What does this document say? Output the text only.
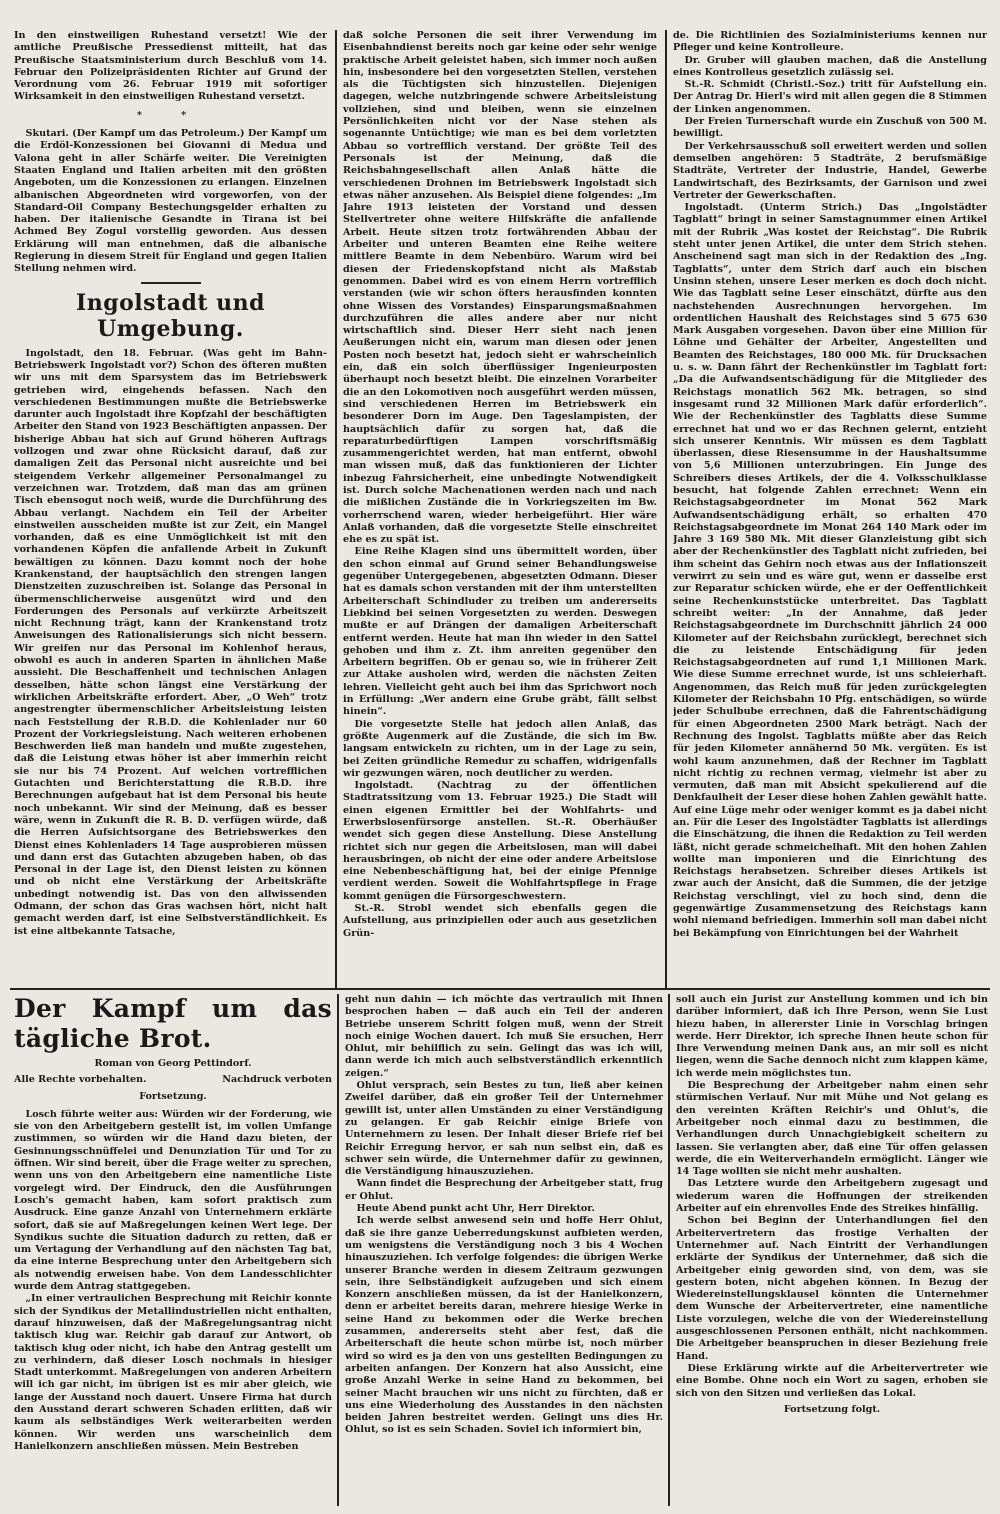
In den einstweiligen Ruhestand versetzt! Wie der amtliche Preußische Pressedienst mitteilt, hat das Preußische Staatsministerium durch Beschluß vom 14. Februar den Polizeipräsidenten Richter auf Grund der Verordnung vom 26. Februar 1919 mit sofortiger Wirksamkeit in den einstweiligen Ruhestand versetzt.

* *

Skutari. (Der Kampf um das Petroleum.) Der Kampf um die Erdöl-Konzessionen bei Giovanni di Medua und Valona geht in aller Schärfe weiter. Die Vereinigten Staaten England und Italien arbeiten mit den größten Angeboten, um die Konzessionen zu erlangen. Einzelnen albanischen Abgeordneten wird vorgeworfen, von der Standard-Oil Company Bestechungsgelder erhalten zu haben. Der italienische Gesandte in Tirana ist bei Achmed Bey Zogul vorstellig geworden. Aus dessen Erklärung will man entnehmen, daß die albanische Regierung in diesem Streit für England und gegen Italien Stellung nehmen wird.

Ingolstadt und Umgebung.

Ingolstadt, den 18. Februar. (Was geht im Bahn-Betriebswerk Ingolstadt vor?) Schon des öfteren mußten wir uns mit dem Sparsystem das im Betriebswerk getrieben wird, eingehends befassen. Nach den verschiedenen Bestimmungen mußte die Betriebswerke darunter auch Ingolstadt ihre Kopfzahl der beschäftigten Arbeiter den Stand von 1923 Beschäftigten anpassen. Der bisherige Abbau hat sich auf Grund höheren Auftrags vollzogen und zwar ohne Rücksicht darauf, daß zur damaligen Zeit das Personal nicht ausreichte und bei steigendem Verkehr allgemeiner Personalmangel zu verzeichnen war. Trotzdem, daß man das am grünen Tisch ebensogut noch weiß, wurde die Durchführung des Abbau verlangt. Nachdem ein Teil der Arbeiter einstweilen ausscheiden mußte ist zur Zeit, ein Mangel vorhanden, daß es eine Unmöglichkeit ist mit den vorhandenen Köpfen die anfallende Arbeit in Zukunft bewältigen zu können. Dazu kommt noch der hohe Krankenstand, der hauptsächlich den strengen langen Dienstzeiten zuzuschreiben ist. Solange das Personal in übermenschlicherweise ausgenützt wird und den Forderungen des Personals auf verkürzte Arbeitszeit nicht Rechnung trägt, kann der Krankenstand trotz Anweisungen des Rationalisierungs sich nicht bessern. Wir greifen nur das Personal im Kohlenhof heraus, obwohl es auch in anderen Sparten in ähnlichen Maße aussieht. Die Beschaffenheit und technischen Anlagen desselben, hätte schon längst eine Verstärkung der wirklichen Arbeitskräfte erfordert. Aber, „O Weh“ trotz angestrengter übermenschlicher Arbeitsleistung leisten nach Feststellung der R.B.D. die Kohlenlader nur 60 Prozent der Vorkriegsleistung. Nach weiteren erhobenen Beschwerden ließ man handeln und mußte zugestehen, daß die Leistung etwas höher ist aber immerhin reicht sie nur bis 74 Prozent. Auf welchen vortrefflichen Gutachten und Berichterstattung die R.B.D. ihre Berechnungen aufgebaut hat ist dem Personal bis heute noch unbekannt. Wir sind der Meinung, daß es besser wäre, wenn in Zukunft die R. B. D. verfügen würde, daß die Herren Aufsichtsorgane des Betriebswerkes den Dienst eines Kohlenladers 14 Tage ausprobieren müssen und dann erst das Gutachten abzugeben haben, ob das Personal in der Lage ist, den Dienst leisten zu können und ob nicht eine Verstärkung der Arbeitskräfte unbedingt notwendig ist. Das von den allwissenden Odmann, der schon das Gras wachsen hört, nicht halt gemacht werden darf, ist eine Selbstverständlichkeit. Es ist eine altbekannte Tatsache,

daß solche Personen die seit ihrer Verwendung im Eisenbahndienst bereits noch gar keine oder sehr wenige praktische Arbeit geleistet haben, sich immer noch außen hin, insbesondere bei den vorgesetzten Stellen, verstehen als die Tüchtigsten sich hinzustellen. Diejenigen dagegen, welche nutzbringende schwere Arbeitsleistung vollziehen, sind und bleiben, wenn sie einzelnen Persönlichkeiten nicht vor der Nase stehen als sogenannte Untüchtige; wie man es bei dem vorletzten Abbau so vortrefflich verstand. Der größte Teil des Personals ist der Meinung, daß die Reichsbahngesellschaft allen Anlaß hätte die verschiedenen Drohnen im Betriebswerk Ingolstadt sich etwas näher anzusehen. Als Beispiel diene folgendes: „Im Jahre 1913 leisteten der Vorstand und dessen Stellvertreter ohne weitere Hilfskräfte die anfallende Arbeit. Heute sitzen trotz fortwährenden Abbau der Arbeiter und unteren Beamten eine Reihe weitere mittlere Beamte in dem Nebenbüro. Warum wird bei diesen der Friedenskopfstand nicht als Maßstab genommen. Dabei wird es von einem Herrn vortrefflich verstanden (wie wir schon öfters herausfinden konnten ohne Wissen des Vorstandes) Einsparungsmaßnahmen durchzuführen die alles andere aber nur nicht wirtschaftlich sind. Dieser Herr sieht nach jenen Aeußerungen nicht ein, warum man diesen oder jenen Posten noch besetzt hat, jedoch sieht er wahrscheinlich ein, daß ein solch überflüssiger Ingenieurposten überhaupt noch besetzt bleibt. Die einzelnen Vorarbeiter die an den Lokomotiven noch ausgeführt werden müssen, sind verschiedenen Herren im Betriebswerk ein besonderer Dorn im Auge. Den Tageslampisten, der hauptsächlich dafür zu sorgen hat, daß die reparaturbedürftigen Lampen vorschriftsmäßig zusammengerichtet werden, hat man entfernt, obwohl man wissen muß, daß das funktionieren der Lichter inbezug Fahrsicherheit, eine unbedingte Notwendigkeit ist. Durch solche Machenationen werden nach und nach die mißlichen Zustände die in Vorkriegszeiten im Bw. vorherrschend waren, wieder herbeigeführt. Hier wäre Anlaß vorhanden, daß die vorgesetzte Stelle einschreitet ehe es zu spät ist.

Eine Reihe Klagen sind uns übermittelt worden, über den schon einmal auf Grund seiner Behandlungsweise gegenüber Untergegebenen, abgesetzten Odmann. Dieser hat es damals schon verstanden mit der ihm unterstellten Arbeiterschaft Schindluder zu treiben um andererseits Liebkind bei seinen Vorgesetzten zu werden. Deswegen mußte er auf Drängen der damaligen Arbeiterschaft entfernt werden. Heute hat man ihn wieder in den Sattel gehoben und ihm z. Zt. ihm anreiten gegenüber den Arbeitern begriffen. Ob er genau so, wie in früherer Zeit zur Attake ausholen wird, werden die nächsten Zeiten lehren. Vielleicht geht auch bei ihm das Sprichwort noch in Erfüllung: „Wer andern eine Grube gräbt, fällt selbst hinein“.

Die vorgesetzte Stelle hat jedoch allen Anlaß, das größte Augenmerk auf die Zustände, die sich im Bw. langsam entwickeln zu richten, um in der Lage zu sein, bei Zeiten gründliche Remedur zu schaffen, widrigenfalls wir gezwungen wären, noch deutlicher zu werden.

Ingolstadt. (Nachtrag zu der öffentlichen Stadtratssitzung vom 13. Februar 1925.) Die Stadt will einen eigenen Ermittler bei der Wohlfahrts- und Erwerbslosenfürsorge anstellen. St.-R. Oberhäußer wendet sich gegen diese Anstellung. Diese Anstellung richtet sich nur gegen die Arbeitslosen, man will dabei herausbringen, ob nicht der eine oder andere Arbeitslose eine Nebenbeschäftigung hat, bei der einige Pfennige verdient werden. Soweit die Wohlfahrtspflege in Frage kommt genügen die Fürsorgeschwestern.

St.-R. Strobl wendet sich ebenfalls gegen die Aufstellung, aus prinzipiellen oder auch aus gesetzlichen Grün-

de. Die Richtlinien des Sozialministeriums kennen nur Pfleger und keine Kontrolleure.

Dr. Gruber will glauben machen, daß die Anstellung eines Kontrolleus gesetzlich zulässig sei.

St.-R. Schmidt (Christl.-Soz.) tritt für Aufstellung ein. Der Antrag Dr. Hierl's wird mit allen gegen die 8 Stimmen der Linken angenommen.

Der Freien Turnerschaft wurde ein Zuschuß von 500 M. bewilligt.

Der Verkehrsausschuß soll erweitert werden und sollen demselben angehören: 5 Stadträte, 2 berufsmäßige Stadträte, Vertreter der Industrie, Handel, Gewerbe Landwirtschaft, des Bezirksamts, der Garnison und zwei Vertreter der Gewerkschaften.

Ingolstadt. (Unterm Strich.) Das „Ingolstädter Tagblatt“ bringt in seiner Samstagnummer einen Artikel mit der Rubrik „Was kostet der Reichstag“. Die Rubrik steht unter jenen Artikel, die unter dem Strich stehen. Anscheinend sagt man sich in der Redaktion des „Ing. Tagblatts“, unter dem Strich darf auch ein bischen Unsinn stehen, unsere Leser merken es doch doch nicht. Wie das Tagblatt seine Leser einschätzt, dürfte aus den nachstehenden Ausrechnungen hervorgehen. Im ordentlichen Haushalt des Reichstages sind 5 675 630 Mark Ausgaben vorgesehen. Davon über eine Million für Löhne und Gehälter der Arbeiter, Angestellten und Beamten des Reichstages, 180 000 Mk. für Drucksachen u. s. w. Dann fährt der Rechenkünstler im Tagblatt fort: „Da die Aufwandsentschädigung für die Mitglieder des Reichstags monatlich 562 Mk. betragen, so sind insgesamt rund 32 Millionen Mark dafür erforderlich“. Wie der Rechenkünstler des Tagblatts diese Summe errechnet hat und wo er das Rechnen gelernt, entzieht sich unserer Kenntnis. Wir müssen es dem Tagblatt überlassen, diese Riesensumme in der Haushaltsumme von 5,6 Millionen unterzubringen. Ein Junge des Schreibers dieses Artikels, der die 4. Volksschulklasse besucht, hat folgende Zahlen errechnet: Wenn ein Reichstagsabgeordneter im Monat 562 Mark Aufwandsentschädigung erhält, so erhalten 470 Reichstagsabgeordnete im Monat 264 140 Mark oder im Jahre 3 169 580 Mk. Mit dieser Glanzleistung gibt sich aber der Rechenkünstler des Tagblatt nicht zufrieden, bei ihm scheint das Gehirn noch etwas aus der Inflationszeit verwirrt zu sein und es wäre gut, wenn er dasselbe erst zur Reparatur schicken würde, ehe er der Oeffentlichkeit seine Rechenkunststücke unterbreitet. Das Tagblatt schreibt weiter: „In der Annahme, daß jeder Reichstagsabgeordnete im Durchschnitt jährlich 24 000 Kilometer auf der Reichsbahn zurücklegt, berechnet sich die zu leistende Entschädigung für jeden Reichstagsabgeordneten auf rund 1,1 Millionen Mark. Wie diese Summe errechnet wurde, ist uns schleierhaft. Angenommen, das Reich muß für jeden zurückgelegten Kilometer der Reichsbahn 10 Pfg. entschädigen, so würde jeder Schulbube errechnen, daß die Fahrentschädigung für einen Abgeordneten 2500 Mark beträgt. Nach der Rechnung des Ingolst. Tagblatts müßte aber das Reich für jeden Kilometer annähernd 50 Mk. vergüten. Es ist wohl kaum anzunehmen, daß der Rechner im Tagblatt nicht richtig zu rechnen vermag, vielmehr ist aber zu vermuten, daß man mit Absicht spekulierend auf die Denkfaulheit der Leser diese hohen Zahlen gewählt hatte. Auf eine Lüge mehr oder weniger kommt es ja dabei nicht an. Für die Leser des Ingolstädter Tagblatts ist allerdings die Einschätzung, die ihnen die Redaktion zu Teil werden läßt, nicht gerade schmeichelhaft. Mit den hohen Zahlen wollte man imponieren und die Einrichtung des Reichstags herabsetzen. Schreiber dieses Artikels ist zwar auch der Ansicht, daß die Summen, die der jetzige Reichstag verschlingt, viel zu hoch sind, denn die gegenwärtige Zusammensetzung des Reichstags kann wohl niemand befriedigen. Immerhin soll man dabei nicht bei Bekämpfung von Einrichtungen bei der Wahrheit

Der Kampf um das tägliche Brot.

Roman von Georg Pettindorf.

Alle Rechte vorbehalten.	Nachdruck verboten

Fortsetzung.

Losch führte weiter aus: Würden wir der Forderung, wie sie von den Arbeitgebern gestellt ist, im vollen Umfange zustimmen, so würden wir die Hand dazu bieten, der Gesinnungsschnüffelei und Denunziation Tür und Tor zu öffnen. Wir sind bereit, über die Frage weiter zu sprechen, wenn uns von den Arbeitgebern eine namentliche Liste vorgelegt wird. Der Eindruck, den die Ausführungen Losch's gemacht haben, kam sofort praktisch zum Ausdruck. Eine ganze Anzahl von Unternehmern erklärte sofort, daß sie auf Maßregelungen keinen Wert lege. Der Syndikus suchte die Situation dadurch zu retten, daß er um Vertagung der Verhandlung auf den nächsten Tag bat, da eine interne Besprechung unter den Arbeitgebern sich als notwendig erweisen habe. Von dem Landesschlichter wurde dem Antrag stattgegeben.

„In einer vertraulichen Besprechung mit Reichir konnte sich der Syndikus der Metallindustriellen nicht enthalten, darauf hinzuweisen, daß der Maßregelungsantrag nicht taktisch klug war. Reichir gab darauf zur Antwort, ob taktisch klug oder nicht, ich habe den Antrag gestellt um zu verhindern, daß dieser Losch nochmals in hiesiger Stadt unterkommt. Maßregelungen von anderen Arbeitern will ich gar nicht, im übrigen ist es mir aber gleich, wie lange der Ausstand noch dauert. Unsere Firma hat durch den Ausstand derart schweren Schaden erlitten, daß wir kaum als selbständiges Werk weiterarbeiten werden können. Wir werden uns warscheinlich dem Hanielkonzern anschließen müssen. Mein Bestreben

geht nun dahin — ich möchte das vertraulich mit Ihnen besprochen haben — daß auch ein Teil der anderen Betriebe unserem Schritt folgen muß, wenn der Streit noch einige Wochen dauert. Ich muß Sie ersuchen, Herr Ohlut, mir behilflich zu sein. Gelingt das was ich will, dann werde ich mich auch selbstverständlich erkenntlich zeigen.“

Ohlut versprach, sein Bestes zu tun, ließ aber keinen Zweifel darüber, daß ein großer Teil der Unternehmer gewillt ist, unter allen Umständen zu einer Verständigung zu gelangen. Er gab Reichir einige Briefe von Unternehmern zu lesen. Der Inhalt dieser Briefe rief bei Reichir Erregung hervor, er sah nun selbst ein, daß es schwer sein würde, die Unternehmer dafür zu gewinnen, die Verständigung hinauszuziehen.

Wann findet die Besprechung der Arbeitgeber statt, frug er Ohlut.

Heute Abend punkt acht Uhr, Herr Direktor.

Ich werde selbst anwesend sein und hoffe Herr Ohlut, daß sie ihre ganze Ueberredungskunst aufbieten werden, um wenigstens die Verständigung noch 3 bis 4 Wochen hinauszuziehen. Ich verfolge folgendes: die übrigen Werke unserer Branche werden in diesem Zeitraum gezwungen sein, ihre Selbständigkeit aufzugeben und sich einem Konzern anschließen müssen, da ist der Hanielkonzern, denn er arbeitet bereits daran, mehrere hiesige Werke in seine Hand zu bekommen oder die Werke brechen zusammen, andererseits steht aber fest, daß die Arbeiterschaft die heute schon mürbe ist, noch mürber wird so wird es ja den von uns gestellten Bedingungen zu arbeiten anfangen. Der Konzern hat also Aussicht, eine große Anzahl Werke in seine Hand zu bekommen, bei seiner Macht brauchen wir uns nicht zu fürchten, daß er uns eine Wiederholung des Ausstandes in den nächsten beiden Jahren bestreitet werden. Gelingt uns dies Hr. Ohlut, so ist es sein Schaden. Soviel ich informiert bin,

soll auch ein Jurist zur Anstellung kommen und ich bin darüber informiert, daß ich Ihre Person, wenn Sie Lust hiezu haben, in allererster Linie in Vorschlag bringen werde. Herr Direktor, ich spreche Ihnen heute schon für Ihre Verwendung meinen Dank aus, an mir soll es nicht liegen, wenn die Sache dennoch nicht zum klappen käme, ich werde mein möglichstes tun.

Die Besprechung der Arbeitgeber nahm einen sehr stürmischen Verlauf. Nur mit Mühe und Not gelang es den vereinten Kräften Reichir's und Ohlut's, die Arbeitgeber noch einmal dazu zu bestimmen, die Verhandlungen durch Unnachgiebigkeit scheitern zu lassen. Sie verlangten aber, daß eine Tür offen gelassen werde, die ein Weiterverhandeln ermöglicht. Länger wie 14 Tage wollten sie nicht mehr aushalten.

Das Letztere wurde den Arbeitgebern zugesagt und wiederum waren die Hoffnungen der streikenden Arbeiter auf ein ehrenvolles Ende des Streikes hinfällig.

Schon bei Beginn der Unterhandlungen fiel den Arbeitervertretern das frostige Verhalten der Unternehmer auf. Nach Eintritt der Verhandlungen erklärte der Syndikus der Unternehmer, daß sich die Arbeitgeber einig geworden sind, von dem, was sie gestern boten, nicht abgehen können. In Bezug der Wiedereinstellungsklausel könnten die Unternehmer dem Wunsche der Arbeitervertreter, eine namentliche Liste vorzulegen, welche die von der Wiedereinstellung ausgeschlossenen Personen enthält, nicht nachkommen. Die Arbeitgeber beanspruchen in dieser Beziehung freie Hand.

Diese Erklärung wirkte auf die Arbeitervertreter wie eine Bombe. Ohne noch ein Wort zu sagen, erhoben sie sich von den Sitzen und verließen das Lokal.

Fortsetzung folgt.
